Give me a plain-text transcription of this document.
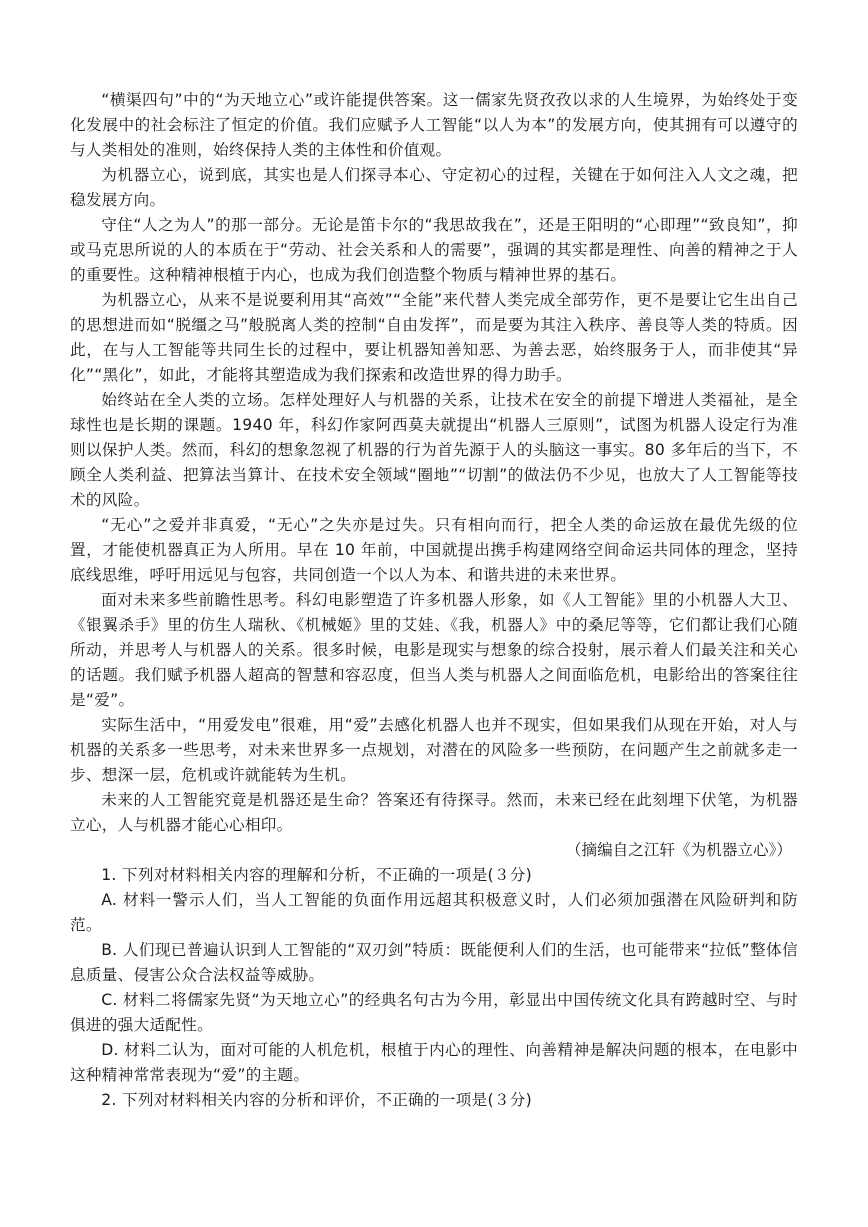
“横渠四句”中的“为天地立心”或许能提供答案。这一儒家先贤孜孜以求的人生境界，为始终处于变化发展中的社会标注了恒定的价值。我们应赋予人工智能“以人为本”的发展方向，使其拥有可以遵守的与人类相处的准则，始终保持人类的主体性和价值观。

为机器立心，说到底，其实也是人们探寻本心、守定初心的过程，关键在于如何注入人文之魂，把稳发展方向。

守住“人之为人”的那一部分。无论是笛卡尔的“我思故我在”，还是王阳明的“心即理”“致良知”，抑或马克思所说的人的本质在于“劳动、社会关系和人的需要”，强调的其实都是理性、向善的精神之于人的重要性。这种精神根植于内心，也成为我们创造整个物质与精神世界的基石。

为机器立心，从来不是说要利用其“高效”“全能”来代替人类完成全部劳作，更不是要让它生出自己的思想进而如“脱缰之马”般脱离人类的控制“自由发挥”，而是要为其注入秩序、善良等人类的特质。因此，在与人工智能等共同生长的过程中，要让机器知善知恶、为善去恶，始终服务于人，而非使其“异化”“黑化”，如此，才能将其塑造成为我们探索和改造世界的得力助手。

始终站在全人类的立场。怎样处理好人与机器的关系，让技术在安全的前提下增进人类福祉，是全球性也是长期的课题。1940 年，科幻作家阿西莫夫就提出“机器人三原则”，试图为机器人设定行为准则以保护人类。然而，科幻的想象忽视了机器的行为首先源于人的头脑这一事实。80 多年后的当下，不顾全人类利益、把算法当算计、在技术安全领域“圈地”“切割”的做法仍不少见，也放大了人工智能等技术的风险。

“无心”之爱并非真爱，“无心”之失亦是过失。只有相向而行，把全人类的命运放在最优先级的位置，才能使机器真正为人所用。早在 10 年前，中国就提出携手构建网络空间命运共同体的理念，坚持底线思维，呼吁用远见与包容，共同创造一个以人为本、和谐共进的未来世界。

面对未来多些前瞻性思考。科幻电影塑造了许多机器人形象，如《人工智能》里的小机器人大卫、《银翼杀手》里的仿生人瑞秋、《机械姬》里的艾娃、《我，机器人》中的桑尼等等，它们都让我们心随所动，并思考人与机器人的关系。很多时候，电影是现实与想象的综合投射，展示着人们最关注和关心的话题。我们赋予机器人超高的智慧和容忍度，但当人类与机器人之间面临危机，电影给出的答案往往是“爱”。

实际生活中，“用爱发电”很难，用“爱”去感化机器人也并不现实，但如果我们从现在开始，对人与机器的关系多一些思考，对未来世界多一点规划，对潜在的风险多一些预防，在问题产生之前就多走一步、想深一层，危机或许就能转为生机。

未来的人工智能究竟是机器还是生命？答案还有待探寻。然而，未来已经在此刻埋下伏笔，为机器立心，人与机器才能心心相印。

（摘编自之江轩《为机器立心》）

1. 下列对材料相关内容的理解和分析，不正确的一项是(３分)

A. 材料一警示人们，当人工智能的负面作用远超其积极意义时，人们必须加强潜在风险研判和防范。

B. 人们现已普遍认识到人工智能的“双刃剑”特质：既能便利人们的生活，也可能带来“拉低”整体信息质量、侵害公众合法权益等威胁。

C. 材料二将儒家先贤“为天地立心”的经典名句古为今用，彰显出中国传统文化具有跨越时空、与时俱进的强大适配性。

D. 材料二认为，面对可能的人机危机，根植于内心的理性、向善精神是解决问题的根本，在电影中这种精神常常表现为“爱”的主题。

2. 下列对材料相关内容的分析和评价，不正确的一项是(３分)
